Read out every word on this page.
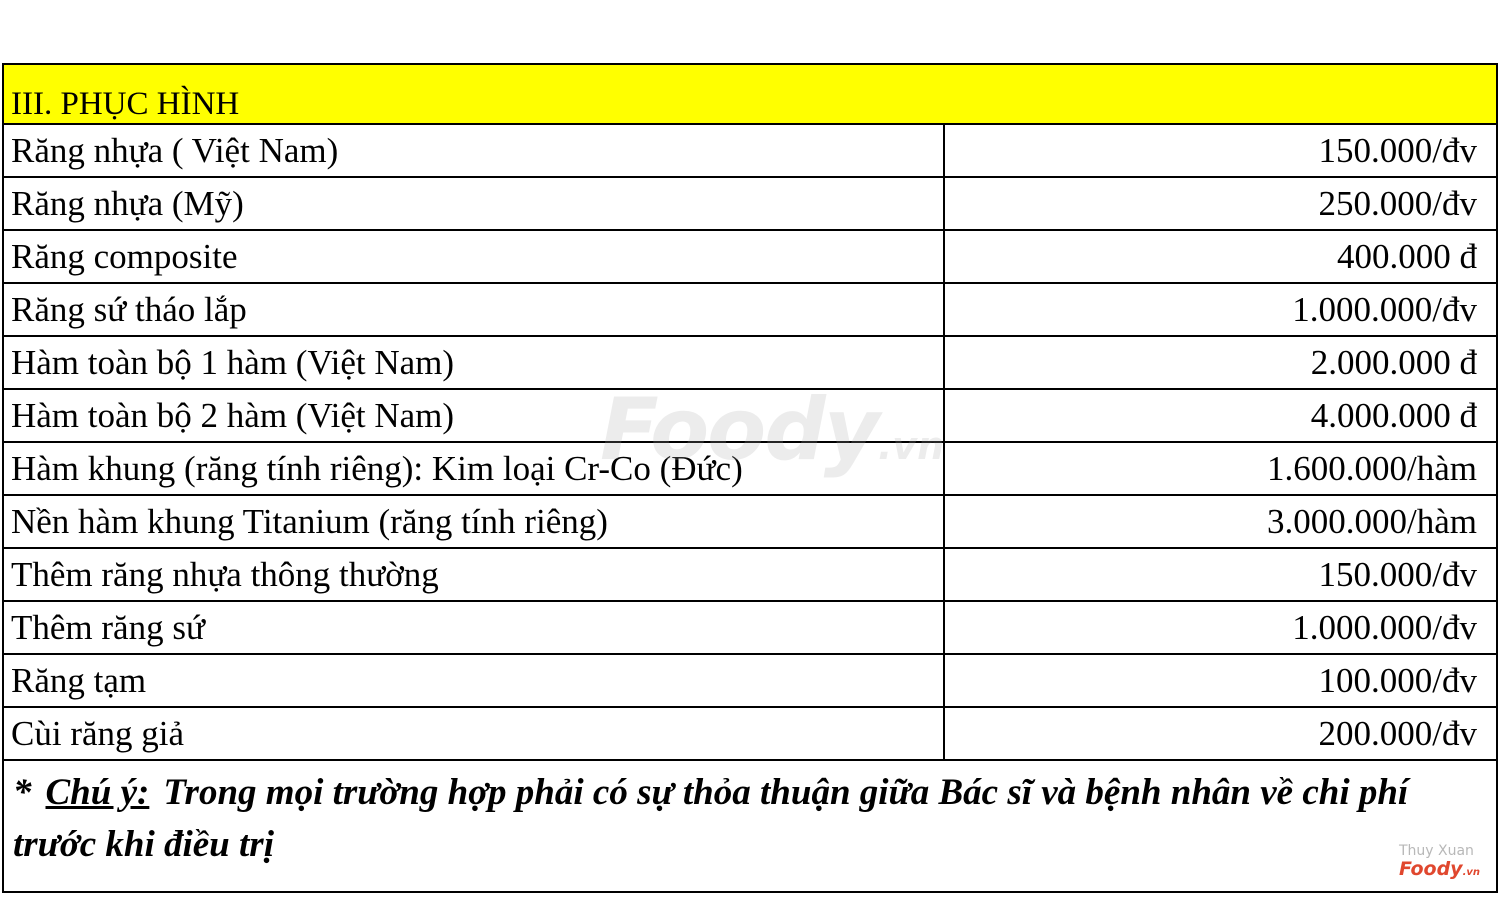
III. PHỤC HÌNH
Răng nhựa ( Việt Nam)	150.000/đv
Răng nhựa (Mỹ)	250.000/đv
Răng composite	400.000 đ
Răng sứ tháo lắp	1.000.000/đv
Hàm toàn bộ 1 hàm (Việt Nam)	2.000.000 đ
Hàm toàn bộ 2 hàm (Việt Nam)	4.000.000 đ
Hàm khung (răng tính riêng): Kim loại Cr-Co (Đức)	1.600.000/hàm
Nền hàm khung Titanium (răng tính riêng)	3.000.000/hàm
Thêm răng nhựa thông thường	150.000/đv
Thêm răng sứ	1.000.000/đv
Răng tạm	100.000/đv
Cùi răng giả	200.000/đv
* Chú ý: Trong mọi trường hợp phải có sự thỏa thuận giữa Bác sĩ và bệnh nhân về chi phí trước khi điều trị
Foody.vn
Thuy Xuan
Foody.vn
